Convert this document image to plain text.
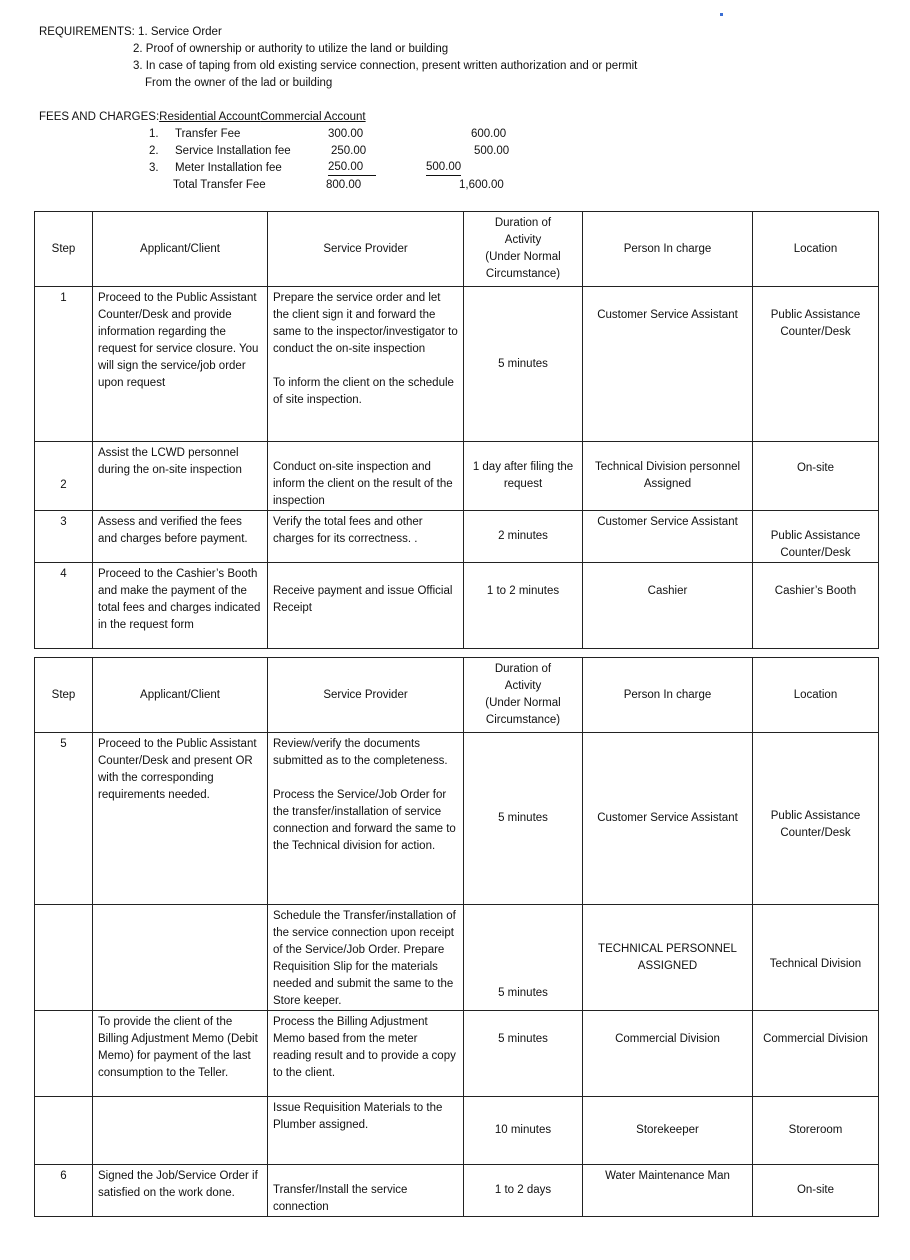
REQUIREMENTS: 1. Service Order
2. Proof of ownership or authority to utilize the land or building
3. In case of taping from old existing service connection, present written authorization and or permit
From the owner of the lad or building
FEES AND CHARGES:Residential AccountCommercial Account
1. Transfer Fee	300.00	600.00
2. Service Installation fee	250.00	500.00
3. Meter Installation fee	250.00	500.00
Total Transfer Fee	800.00	1,600.00
Step	Applicant/Client	Service Provider	Duration of
Activity
(Under Normal
Circumstance)	Person In charge	Location
1	Proceed to the Public Assistant Counter/Desk and provide information regarding the request for service closure. You will sign the service/job order upon request	Prepare the service order and let the client sign it and forward the same to the inspector/investigator to conduct the on-site inspection

To inform the client on the schedule of site inspection.	5 minutes	Customer Service Assistant	Public Assistance Counter/Desk
2	Assist the LCWD personnel during the on-site inspection	Conduct on-site inspection and inform the client on the result of the inspection	1 day after filing the request	Technical Division personnel Assigned	On-site
3	Assess and verified the fees and charges before payment.	Verify the total fees and other charges for its correctness. .	2 minutes	Customer Service Assistant	Public Assistance Counter/Desk
4	Proceed to the Cashier’s Booth and make the payment of the total fees and charges indicated in the request form	Receive payment and issue Official Receipt	1 to 2 minutes	Cashier	Cashier’s Booth
Step	Applicant/Client	Service Provider	Duration of
Activity
(Under Normal
Circumstance)	Person In charge	Location
5	Proceed to the Public Assistant Counter/Desk and present OR with the corresponding requirements needed.	Review/verify the documents submitted as to the completeness.

Process the Service/Job Order for the transfer/installation of service connection and forward the same to the Technical division for action.	5 minutes	Customer Service Assistant	Public Assistance Counter/Desk
		Schedule the Transfer/installation of the service connection upon receipt of the Service/Job Order. Prepare Requisition Slip for the materials needed and submit the same to the Store keeper.	5 minutes	TECHNICAL PERSONNEL ASSIGNED	Technical Division
	To provide the client of the Billing Adjustment Memo (Debit Memo) for payment of the last consumption to the Teller.	Process the Billing Adjustment Memo based from the meter reading result and to provide a copy to the client.	5 minutes	Commercial Division	Commercial Division
		Issue Requisition Materials to the Plumber assigned.	10 minutes	Storekeeper	Storeroom
6	Signed the Job/Service Order if satisfied on the work done.	Transfer/Install the service connection	1 to 2 days	Water Maintenance Man	On-site
